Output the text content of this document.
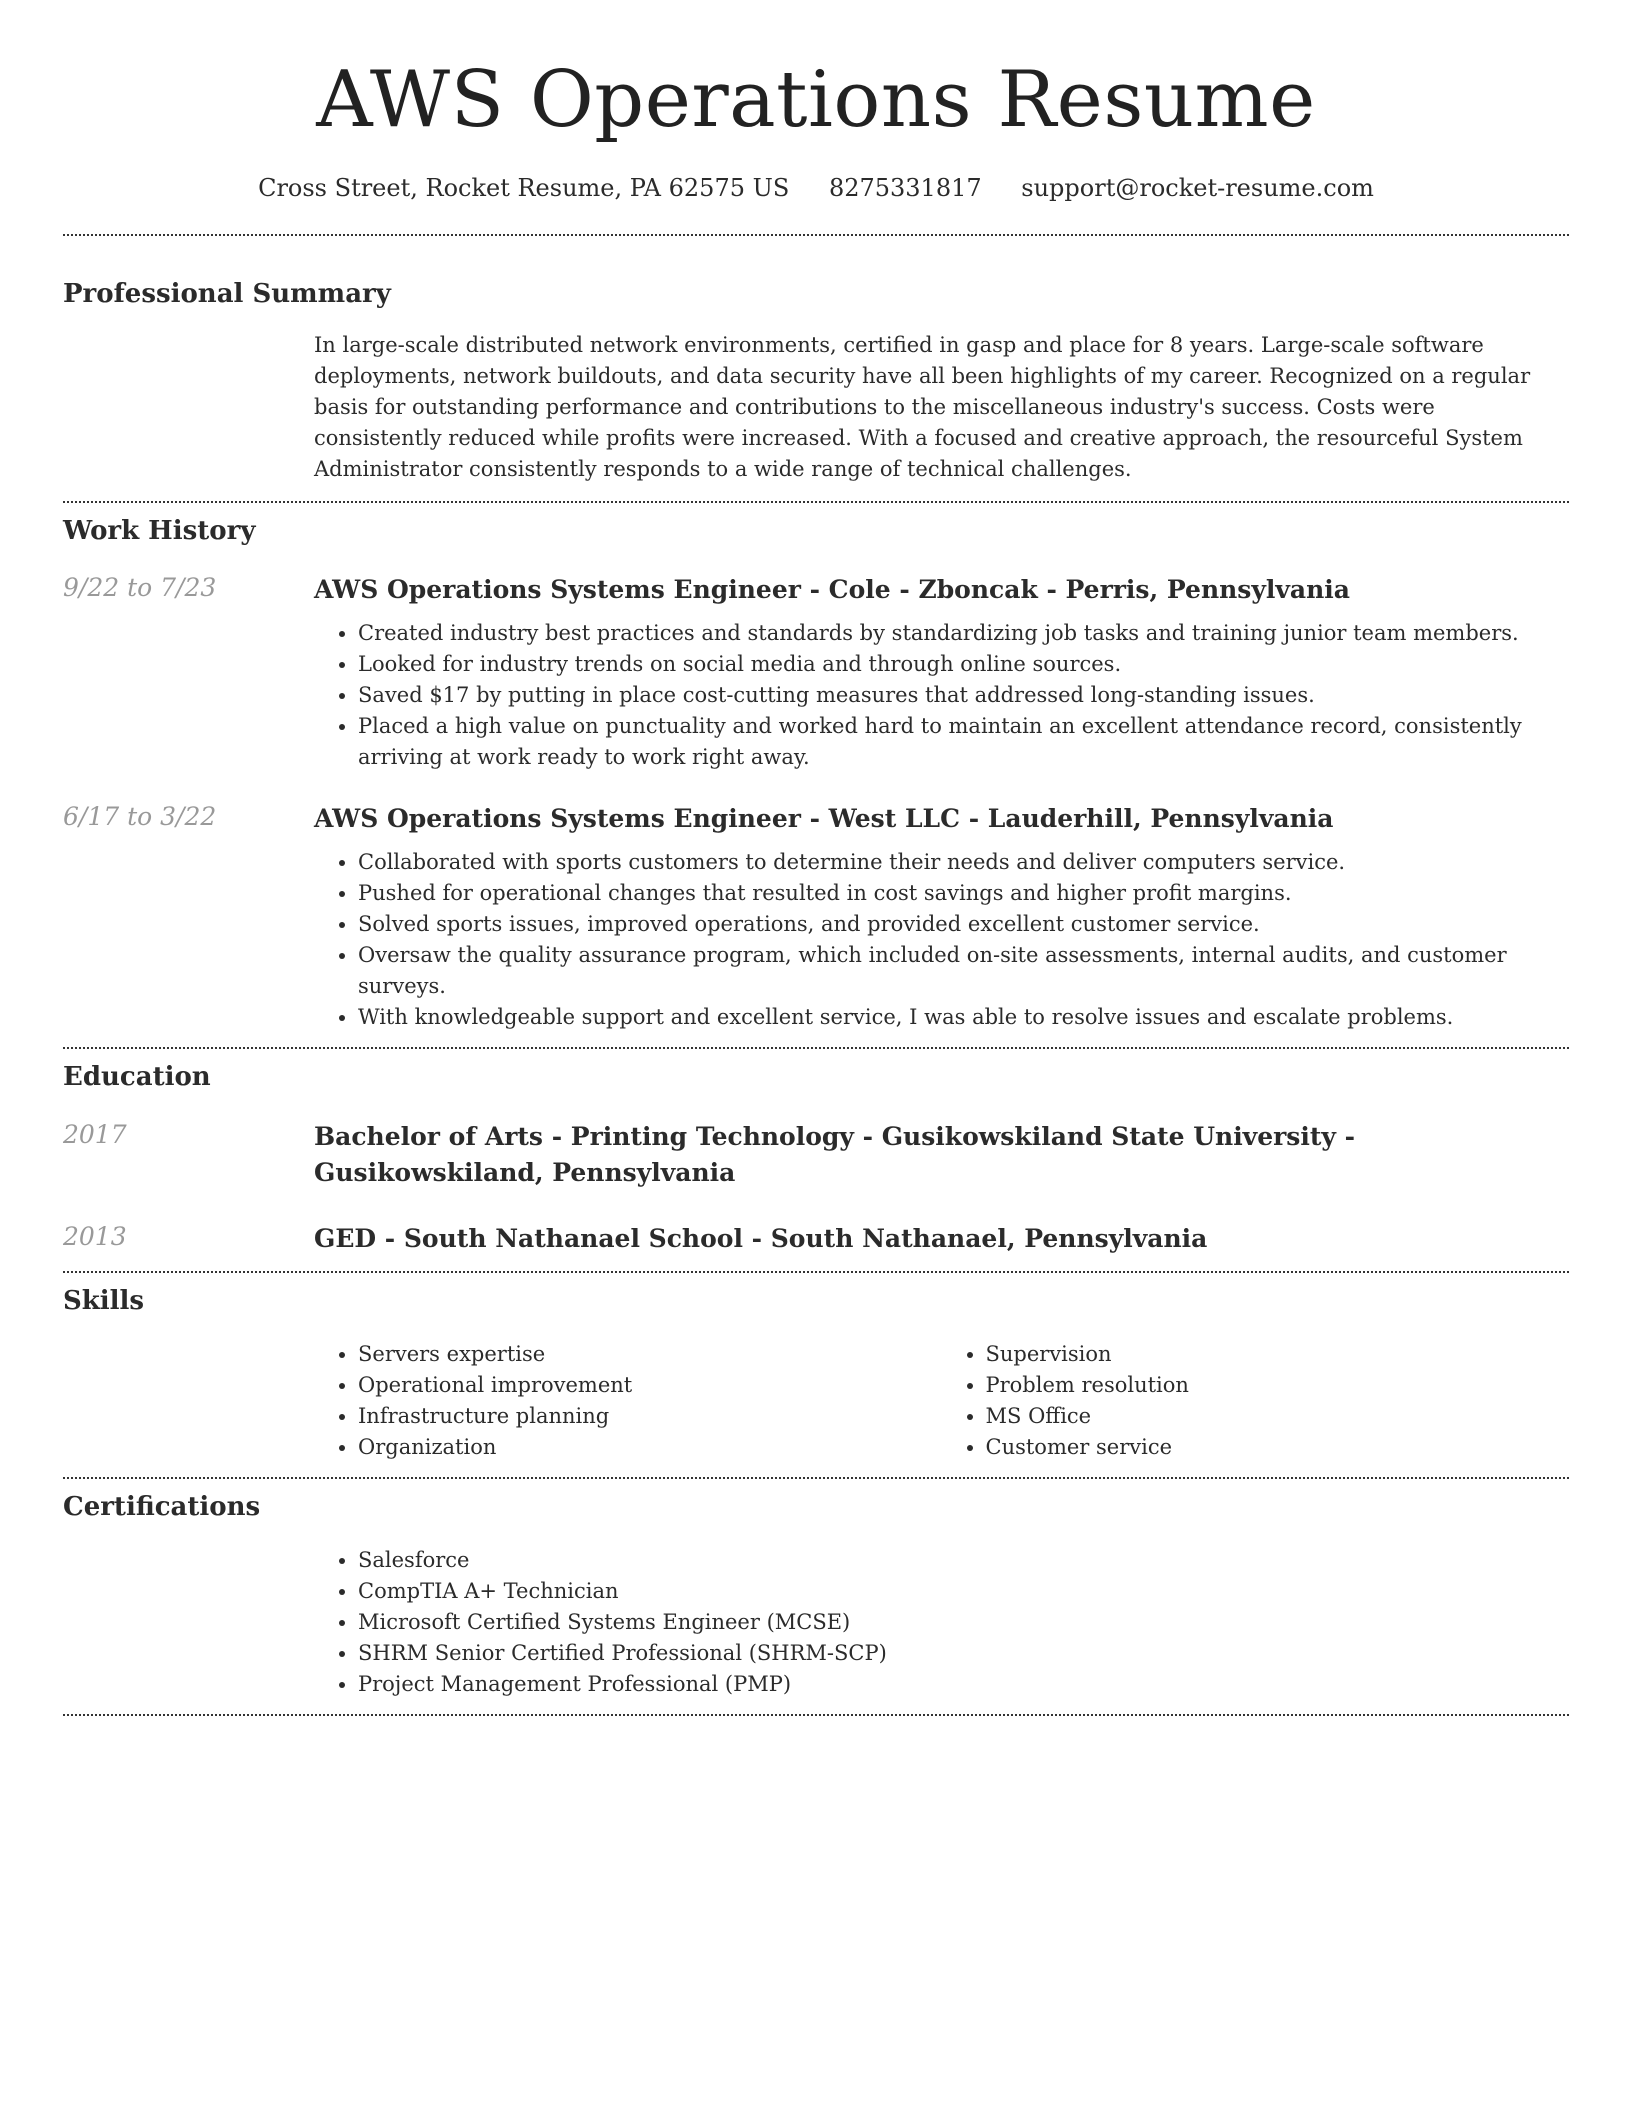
AWS Operations Resume
Cross Street, Rocket Resume, PA 62575 US 8275331817 support@rocket-resume.com
Professional Summary

In large-scale distributed network environments, certified in gasp and place for 8 years. Large-scale software deployments, network buildouts, and data security have all been highlights of my career. Recognized on a regular basis for outstanding performance and contributions to the miscellaneous industry's success. Costs were consistently reduced while profits were increased. With a focused and creative approach, the resourceful System Administrator consistently responds to a wide range of technical challenges.

Work History
9/22 to 7/23	AWS Operations Systems Engineer - Cole - Zboncak - Perris, Pennsylvania
• Created industry best practices and standards by standardizing job tasks and training junior team members.
• Looked for industry trends on social media and through online sources.
• Saved $17 by putting in place cost-cutting measures that addressed long-standing issues.
• Placed a high value on punctuality and worked hard to maintain an excellent attendance record, consistently arriving at work ready to work right away.
6/17 to 3/22	AWS Operations Systems Engineer - West LLC - Lauderhill, Pennsylvania
• Collaborated with sports customers to determine their needs and deliver computers service.
• Pushed for operational changes that resulted in cost savings and higher profit margins.
• Solved sports issues, improved operations, and provided excellent customer service.
• Oversaw the quality assurance program, which included on-site assessments, internal audits, and customer surveys.
• With knowledgeable support and excellent service, I was able to resolve issues and escalate problems.
Education
2017	Bachelor of Arts - Printing Technology - Gusikowskiland State University - Gusikowskiland, Pennsylvania
2013	GED - South Nathanael School - South Nathanael, Pennsylvania
Skills
• Servers expertise
• Operational improvement
• Infrastructure planning
• Organization
• Supervision
• Problem resolution
• MS Office
• Customer service
Certifications
• Salesforce
• CompTIA A+ Technician
• Microsoft Certified Systems Engineer (MCSE)
• SHRM Senior Certified Professional (SHRM-SCP)
• Project Management Professional (PMP)
